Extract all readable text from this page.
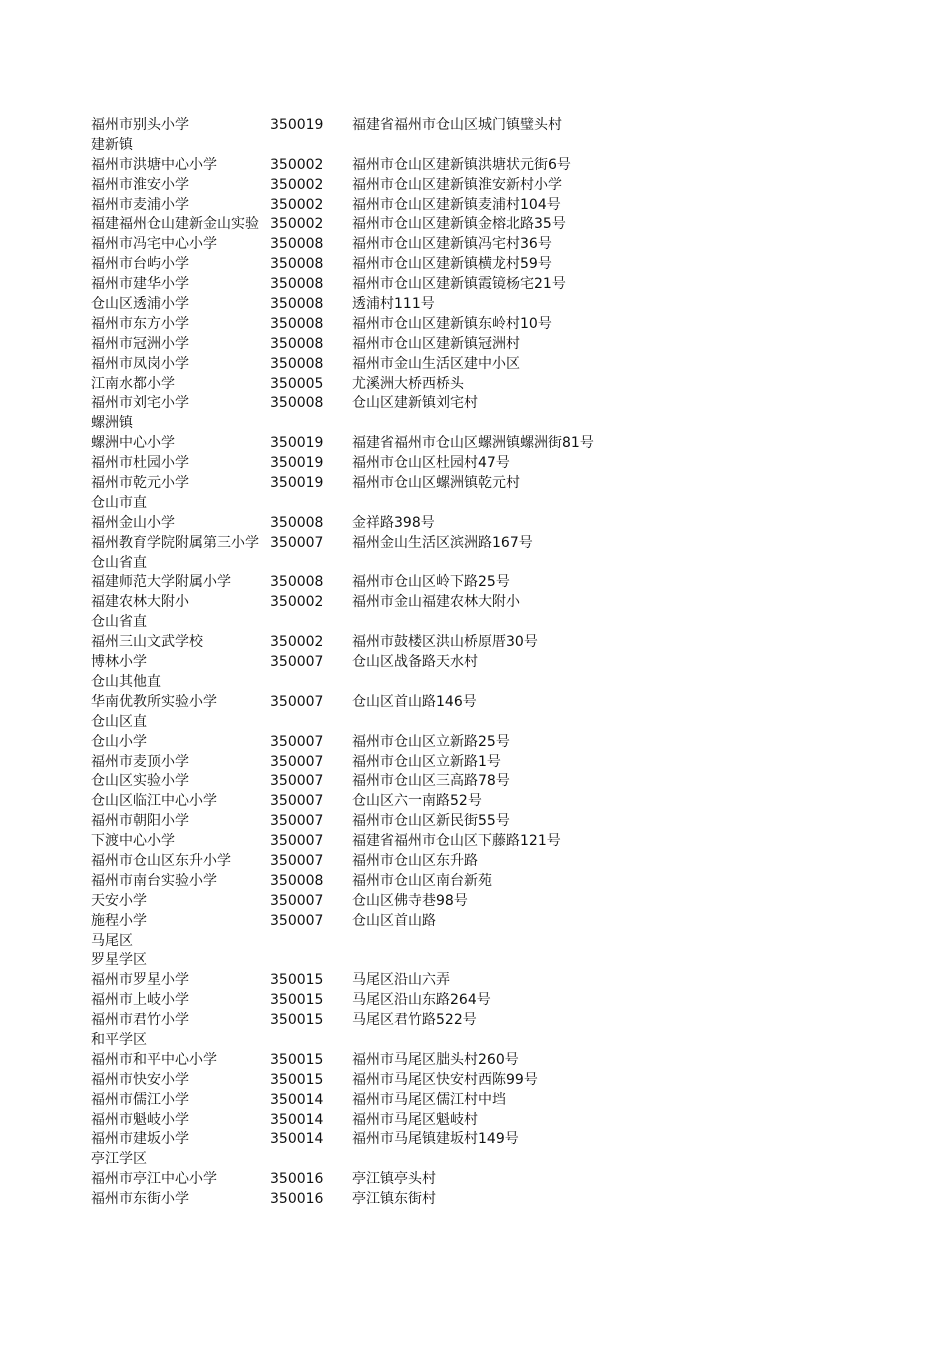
福州市别头小学	350019 福建省福州市仓山区城门镇璧头村
建新镇
福州市洪塘中心小学	350002 福州市仓山区建新镇洪塘状元街6号
福州市淮安小学	350002 福州市仓山区建新镇淮安新村小学
福州市麦浦小学	350002 福州市仓山区建新镇麦浦村104号
福建福州仓山建新金山实验 350002 福州市仓山区建新镇金榕北路35号
福州市冯宅中心小学	350008 福州市仓山区建新镇冯宅村36号
福州市台屿小学	350008 福州市仓山区建新镇横龙村59号
福州市建华小学	350008 福州市仓山区建新镇霞镜杨宅21号
仓山区透浦小学	350008 透浦村111号
福州市东方小学	350008 福州市仓山区建新镇东岭村10号
福州市冠洲小学	350008 福州市仓山区建新镇冠洲村
福州市凤岗小学	350008 福州市金山生活区建中小区
江南水都小学	350005 尤溪洲大桥西桥头
福州市刘宅小学	350008 仓山区建新镇刘宅村
螺洲镇
螺洲中心小学	350019 福建省福州市仓山区螺洲镇螺洲街81号
福州市杜园小学	350019 福州市仓山区杜园村47号
福州市乾元小学	350019 福州市仓山区螺洲镇乾元村
仓山市直
福州金山小学	350008 金祥路398号
福州教育学院附属第三小学 350007 福州金山生活区滨洲路167号
仓山省直
福建师范大学附属小学	350008 福州市仓山区岭下路25号
福建农林大附小	350002 福州市金山福建农林大附小
仓山省直
福州三山文武学校	350002 福州市鼓楼区洪山桥原厝30号
博林小学	350007 仓山区战备路天水村
仓山其他直
华南优教所实验小学	350007 仓山区首山路146号
仓山区直
仓山小学	350007 福州市仓山区立新路25号
福州市麦顶小学	350007 福州市仓山区立新路1号
仓山区实验小学	350007 福州市仓山区三高路78号
仓山区临江中心小学	350007 仓山区六一南路52号
福州市朝阳小学	350007 福州市仓山区新民街55号
下渡中心小学	350007 福建省福州市仓山区下藤路121号
福州市仓山区东升小学	350007 福州市仓山区东升路
福州市南台实验小学	350008 福州市仓山区南台新苑
天安小学	350007 仓山区佛寺巷98号
施程小学	350007 仓山区首山路
马尾区
罗星学区
福州市罗星小学	350015 马尾区沿山六弄
福州市上岐小学	350015 马尾区沿山东路264号
福州市君竹小学	350015 马尾区君竹路522号
和平学区
福州市和平中心小学	350015 福州市马尾区朏头村260号
福州市快安小学	350015 福州市马尾区快安村西陈99号
福州市儒江小学	350014 福州市马尾区儒江村中垱
福州市魁岐小学	350014 福州市马尾区魁岐村
福州市建坂小学	350014 福州市马尾镇建坂村149号
亭江学区
福州市亭江中心小学	350016 亭江镇亭头村
福州市东街小学	350016 亭江镇东街村
